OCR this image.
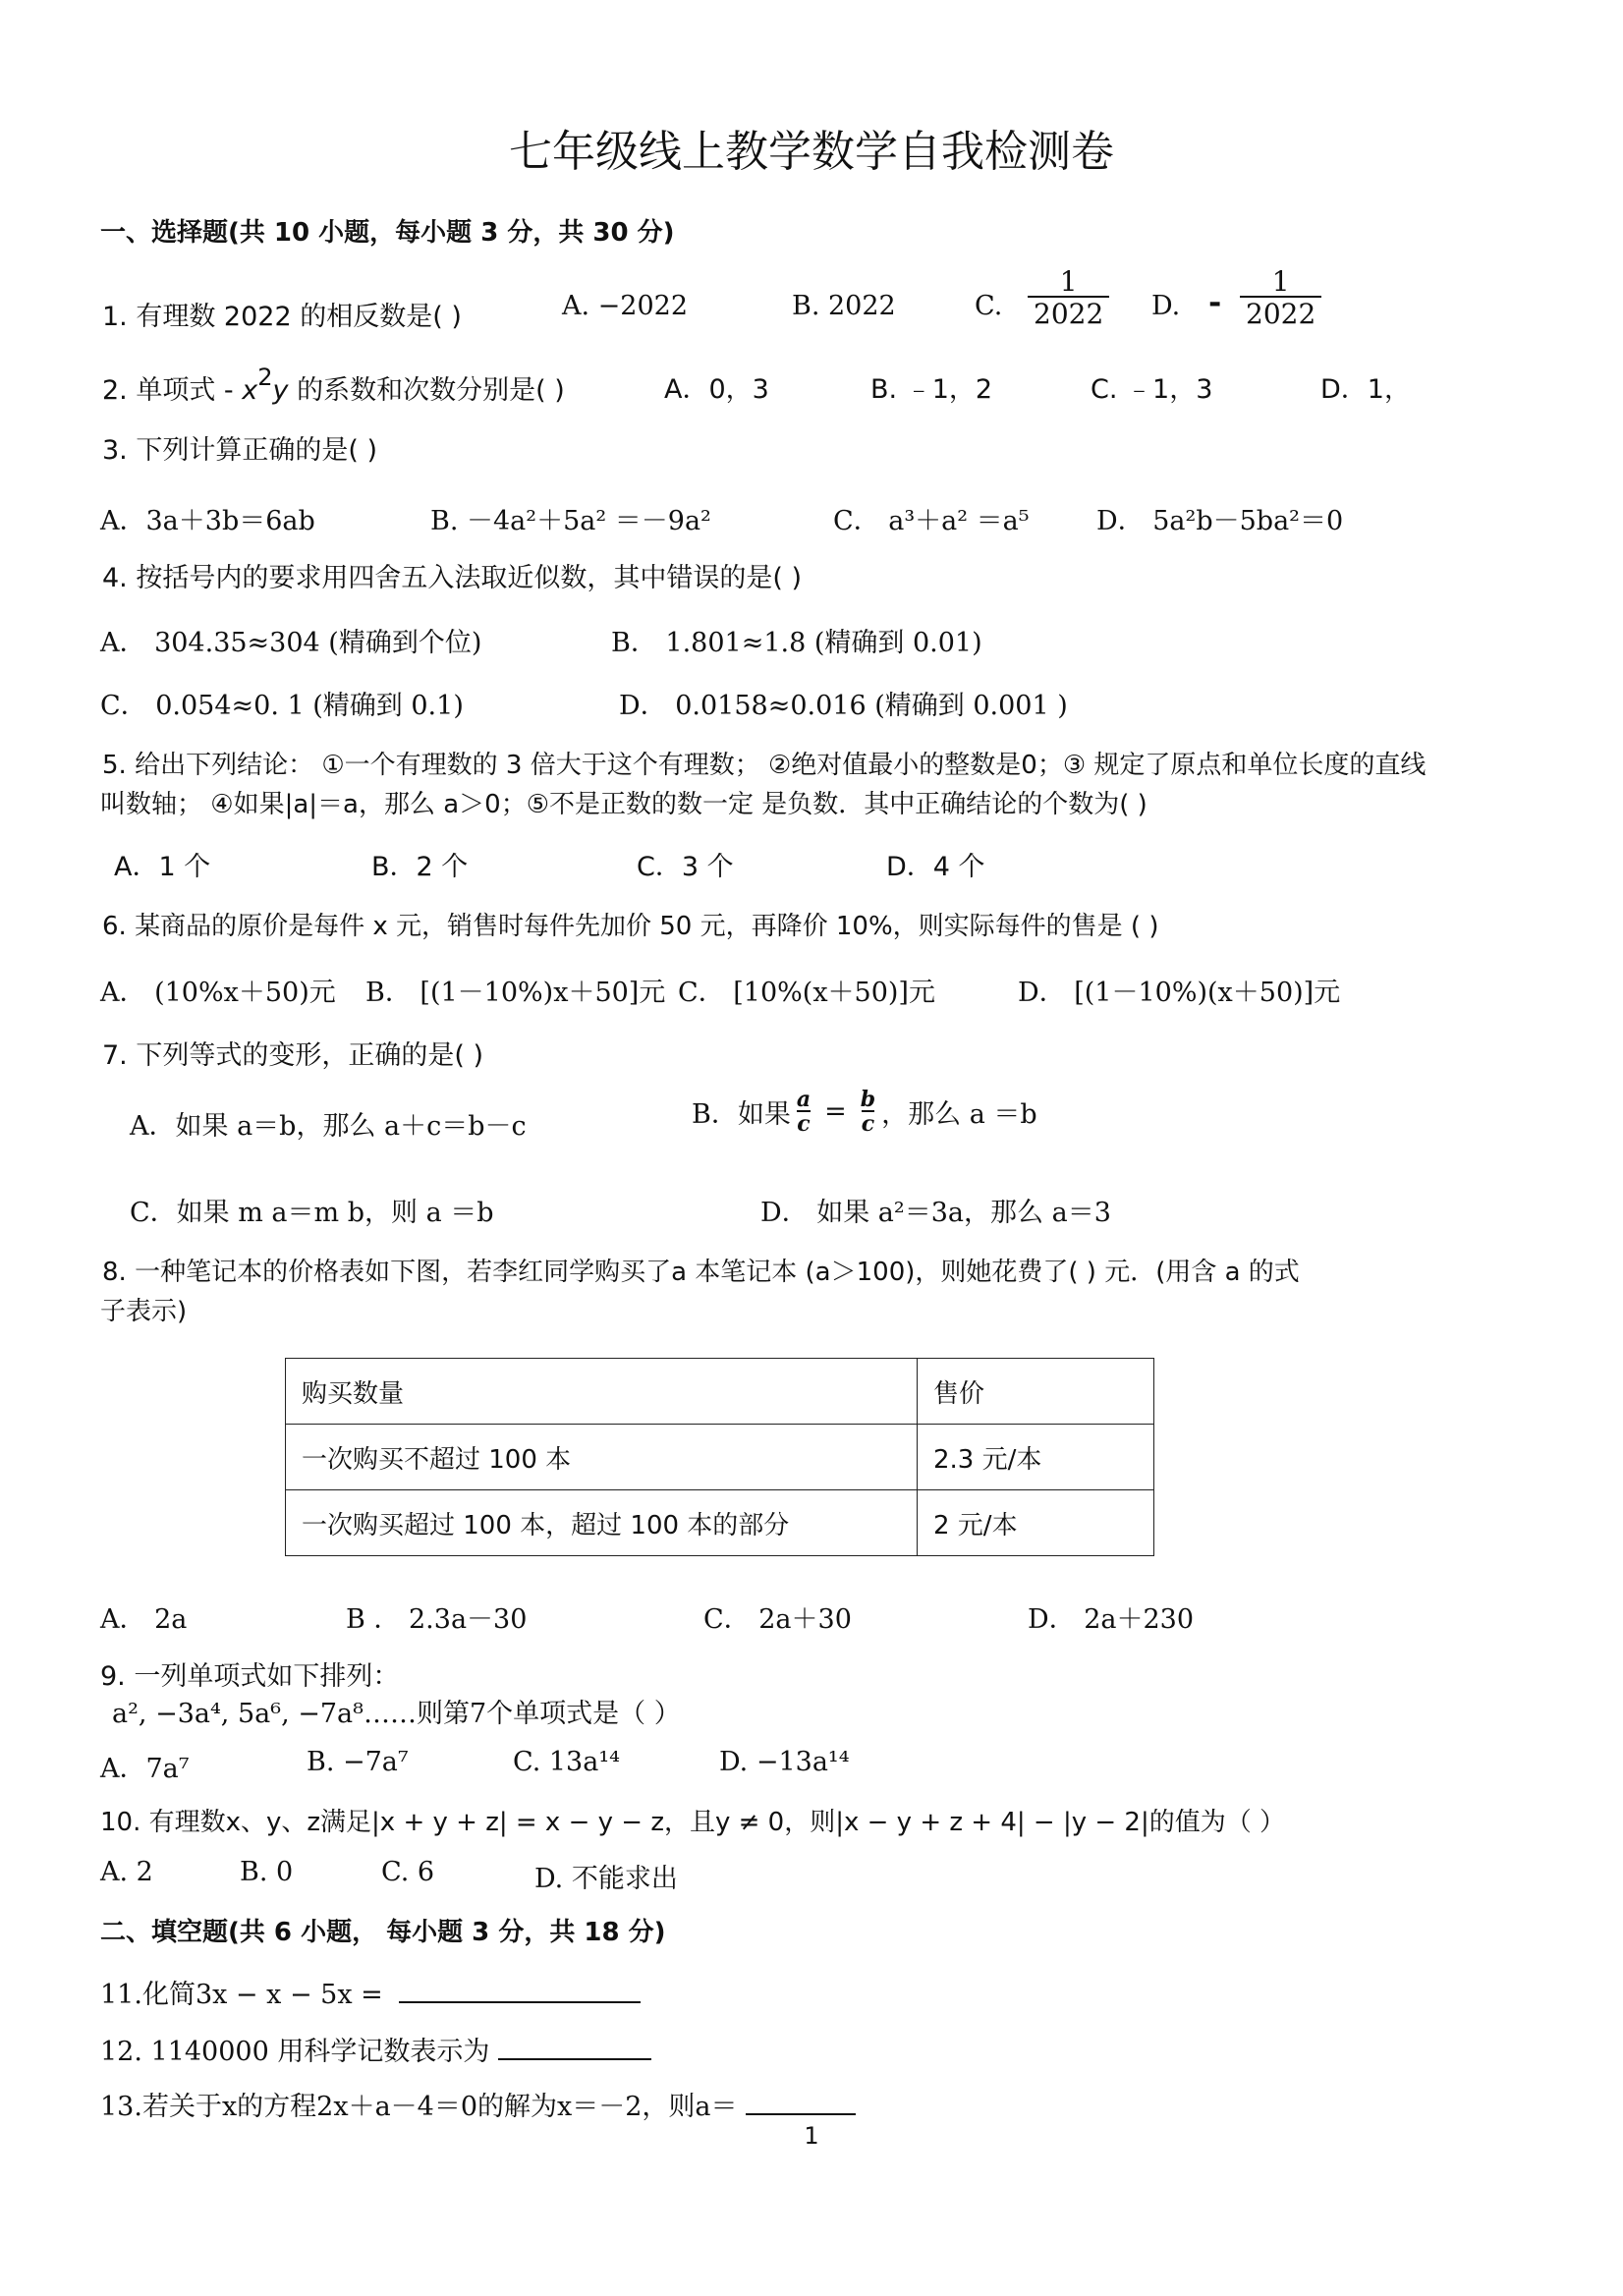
七年级线上教学数学自我检测卷
一、选择题(共 10 小题，每小题 3 分，共 30 分)
1. 有理数 2022 的相反数是( )	A. −2022	B. 2022	C. $\frac{1}{2022} D$. - $\frac{1}{2022}$
2. 单项式 - $x^2y$ 的系数和次数分别是( )	A．0，3	B. ﹣1，2	C. ﹣1，3	D．1，
3. 下列计算正确的是( )
A．3a＋3b＝6ab	B. －4a²＋5a² ＝－9a²	C． a³＋a² ＝a⁵	D． 5a²b－5ba²＝0
4. 按括号内的要求用四舍五入法取近似数，其中错误的是( )
A． 304.35≈304 (精确到个位)	B． 1.801≈1.8 (精确到 0.01)
C． 0.054≈0. 1 (精确到 0.1)	D． 0.0158≈0.016 (精确到 0.001 )
5. 给出下列结论： ①一个有理数的 3 倍大于这个有理数； ②绝对值最小的整数是0；③ 规定了原点和单位长度的直线
叫数轴； ④如果|a|＝a，那么 a＞0；⑤不是正数的数一定 是负数．其中正确结论的个数为( )
A．1 个	B．2 个	C．3 个	D．4 个
6. 某商品的原价是每件 x 元，销售时每件先加价 50 元，再降价 10%，则实际每件的售是 ( )
A． (10%x＋50)元 B． [(1－10%)x＋50]元 C． [10%(x＋50)]元	D． [(1－10%)(x＋50)]元
7. 下列等式的变形，正确的是( )
A．如果 a＝b，那么 a＋c＝b－c	B．如果 $\frac{a}{c} = \frac{b}{c}$ ，那么 a ＝b
C．如果 m a＝m b，则 a ＝b	D． 如果 a²＝3a，那么 a＝3
8. 一种笔记本的价格表如下图，若李红同学购买了a 本笔记本 (a＞100)，则她花费了( ) 元．(用含 a 的式
子表示)
购买数量	售价
一次购买不超过 100 本	2.3 元/本
一次购买超过 100 本，超过 100 本的部分	2 元/本
A． 2a	B ． 2.3a－30	C． 2a＋30	D． 2a＋230
9. 一列单项式如下排列：
a², −3a⁴, 5a⁶, −7a⁸……则第7个单项式是（ ）
A．7a⁷	B. −7a⁷	C. 13a¹⁴	D. −13a¹⁴
10. 有理数x、y、z满足|x + y + z| = x − y − z，且y ≠ 0，则|x − y + z + 4| − |y − 2|的值为（ ）
A. 2	B. 0	C. 6	D. 不能求出
二、填空题(共 6 小题， 每小题 3 分，共 18 分)
11.化简3x − x − 5x =
12. 1140000 用科学记数表示为
13.若关于x的方程2x＋a－4＝0的解为x＝－2，则a＝
1
